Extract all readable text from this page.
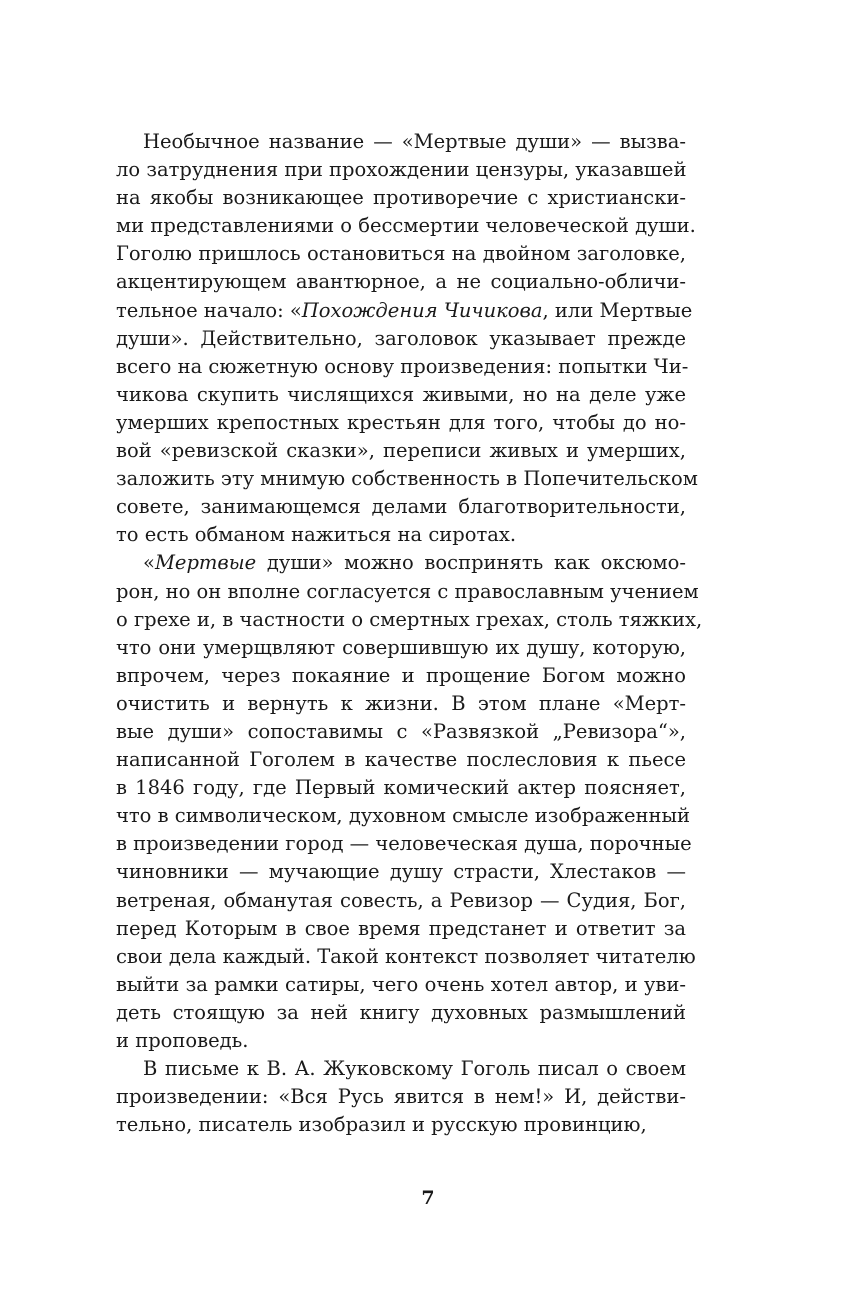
Необычное название — «Мертвые души» — вызва-
ло затруднения при прохождении цензуры, указавшей
на якобы возникающее противоречие с христиански-
ми представлениями о бессмертии человеческой души.
Гоголю пришлось остановиться на двойном заголовке,
акцентирующем авантюрное, а не социально-обличи-
тельное начало: «Похождения Чичикова, или Мертвые
души». Действительно, заголовок указывает прежде
всего на сюжетную основу произведения: попытки Чи-
чикова скупить числящихся живыми, но на деле уже
умерших крепостных крестьян для того, чтобы до но-
вой «ревизской сказки», переписи живых и умерших,
заложить эту мнимую собственность в Попечительском
совете, занимающемся делами благотворительности,
то есть обманом нажиться на сиротах.
«Мертвые души» можно воспринять как оксюмо-
рон, но он вполне согласуется с православным учением
о грехе и, в частности о смертных грехах, столь тяжких,
что они умерщвляют совершившую их душу, которую,
впрочем, через покаяние и прощение Богом можно
очистить и вернуть к жизни. В этом плане «Мерт-
вые души» сопоставимы с «Развязкой „Ревизора“»,
написанной Гоголем в качестве послесловия к пьесе
в 1846 году, где Первый комический актер поясняет,
что в символическом, духовном смысле изображенный
в произведении город — человеческая душа, порочные
чиновники — мучающие душу страсти, Хлестаков —
ветреная, обманутая совесть, а Ревизор — Судия, Бог,
перед Которым в свое время предстанет и ответит за
свои дела каждый. Такой контекст позволяет читателю
выйти за рамки сатиры, чего очень хотел автор, и уви-
деть стоящую за ней книгу духовных размышлений
и проповедь.
В письме к В. А. Жуковскому Гоголь писал о своем
произведении: «Вся Русь явится в нем!» И, действи-
тельно, писатель изобразил и русскую провинцию,
7
